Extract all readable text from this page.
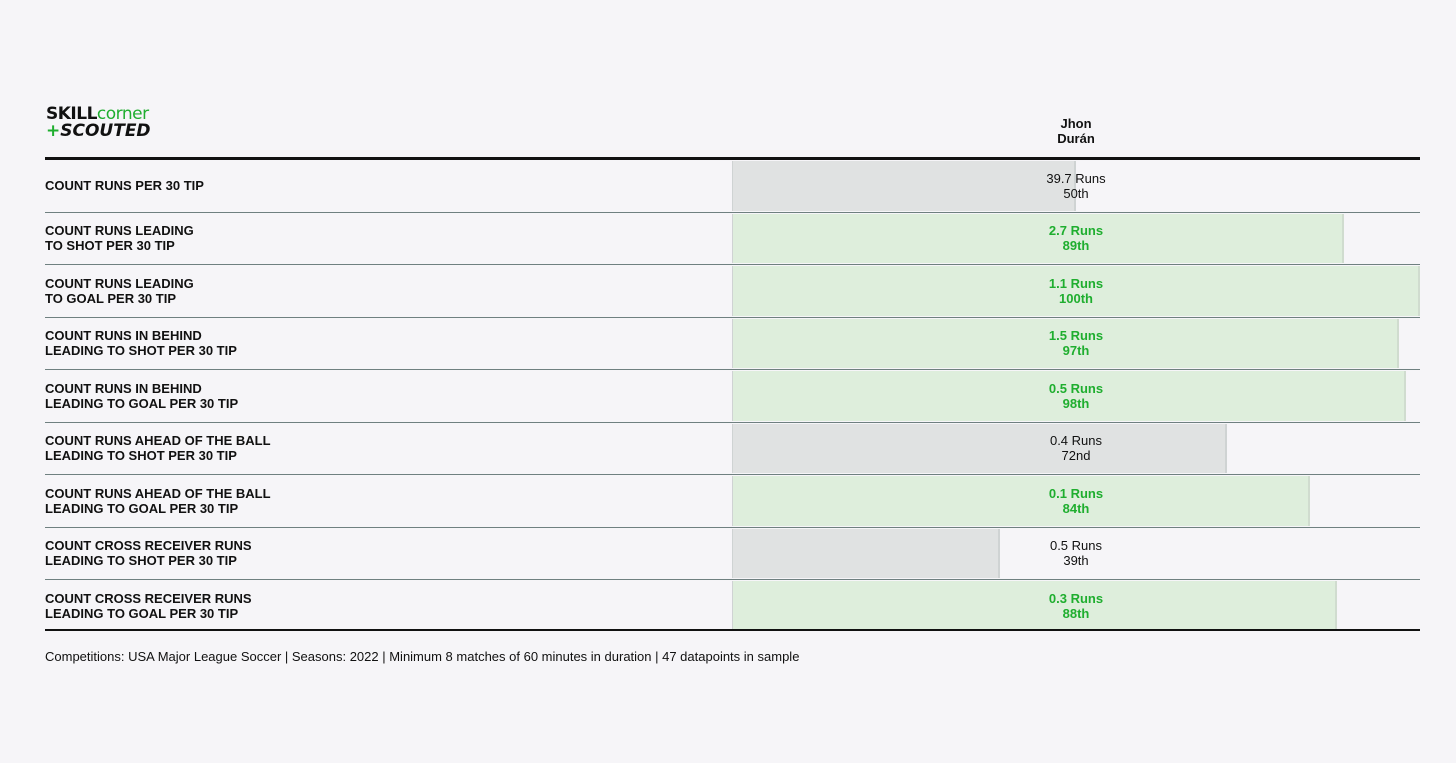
SKILLcorner
+SCOUTED	Jhon
Durán
COUNT RUNS PER 30 TIP	39.7 Runs
50th
COUNT RUNS LEADING
TO SHOT PER 30 TIP
2.7 Runs
89th
COUNT RUNS LEADING
TO GOAL PER 30 TIP
1.1 Runs
100th
COUNT RUNS IN BEHIND
LEADING TO SHOT PER 30 TIP
1.5 Runs
97th
COUNT RUNS IN BEHIND
LEADING TO GOAL PER 30 TIP
0.5 Runs
98th
COUNT RUNS AHEAD OF THE BALL
LEADING TO SHOT PER 30 TIP
0.4 Runs
72nd
COUNT RUNS AHEAD OF THE BALL
LEADING TO GOAL PER 30 TIP
0.1 Runs
84th
COUNT CROSS RECEIVER RUNS
LEADING TO SHOT PER 30 TIP
0.5 Runs
39th
COUNT CROSS RECEIVER RUNS
LEADING TO GOAL PER 30 TIP
0.3 Runs
88th
Competitions: USA Major League Soccer | Seasons: 2022 | Minimum 8 matches of 60 minutes in duration | 47 datapoints in sample
